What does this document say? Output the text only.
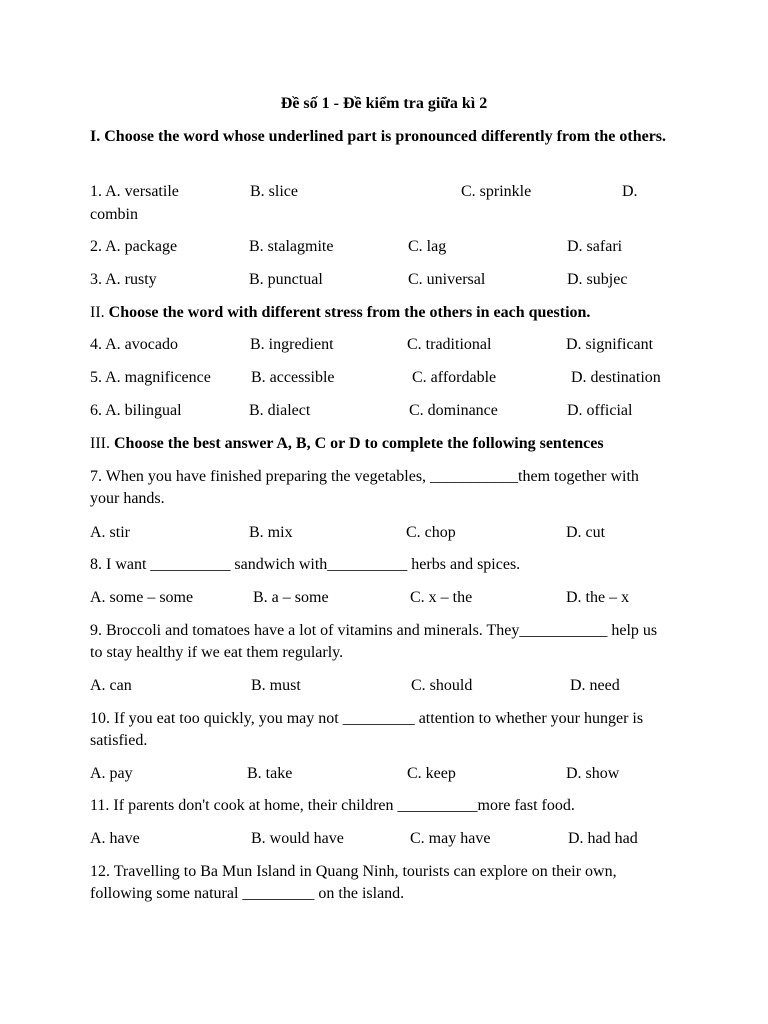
Đề số 1 - Đề kiểm tra giữa kì 2
I. Choose the word whose underlined part is pronounced differently from the others.
1. A. versatile	B. slice	C. sprinkle	D.
combin
2. A. package	B. stalagmite	C. lag	D. safari
3. A. rusty	B. punctual	C. universal	D. subjec
II. Choose the word with different stress from the others in each question.
4. A. avocado	B. ingredient	C. traditional	D. significant
5. A. magnificence	B. accessible	C. affordable	D. destination
6. A. bilingual	B. dialect	C. dominance	D. official
III. Choose the best answer A, B, C or D to complete the following sentences
7. When you have finished preparing the vegetables, ___________them together with your hands.
A. stir	B. mix	C. chop	D. cut
8. I want __________ sandwich with__________ herbs and spices.
A. some – some	B. a – some	C. x – the	D. the – x
9. Broccoli and tomatoes have a lot of vitamins and minerals. They___________ help us to stay healthy if we eat them regularly.
A. can	B. must	C. should	D. need
10. If you eat too quickly, you may not _________ attention to whether your hunger is satisfied.
A. pay	B. take	C. keep	D. show
11. If parents don't cook at home, their children __________more fast food.
A. have	B. would have	C. may have	D. had had
12. Travelling to Ba Mun Island in Quang Ninh, tourists can explore on their own, following some natural _________ on the island.
